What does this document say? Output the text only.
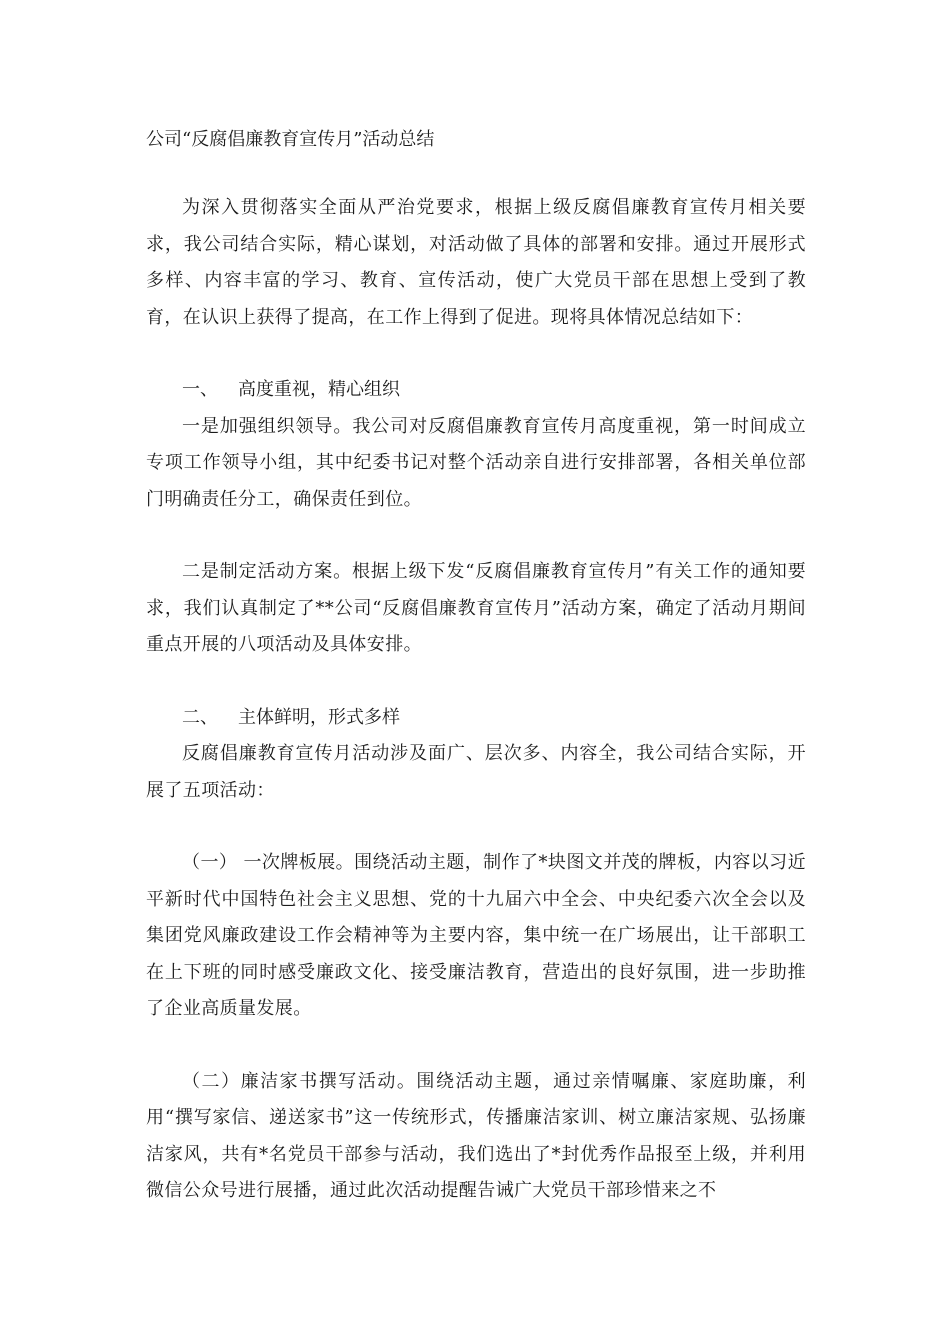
公司“反腐倡廉教育宣传月”活动总结

为深入贯彻落实全面从严治党要求，根据上级反腐倡廉教育宣传月相关要求，我公司结合实际，精心谋划，对活动做了具体的部署和安排。通过开展形式多样、内容丰富的学习、教育、宣传活动，使广大党员干部在思想上受到了教育，在认识上获得了提高，在工作上得到了促进。现将具体情况总结如下：

一、 高度重视，精心组织

一是加强组织领导。我公司对反腐倡廉教育宣传月高度重视，第一时间成立专项工作领导小组，其中纪委书记对整个活动亲自进行安排部署，各相关单位部门明确责任分工，确保责任到位。

二是制定活动方案。根据上级下发“反腐倡廉教育宣传月”有关工作的通知要求，我们认真制定了**公司“反腐倡廉教育宣传月”活动方案，确定了活动月期间重点开展的八项活动及具体安排。

二、 主体鲜明，形式多样

反腐倡廉教育宣传月活动涉及面广、层次多、内容全，我公司结合实际，开展了五项活动：

（一） 一次牌板展。围绕活动主题，制作了*块图文并茂的牌板，内容以习近平新时代中国特色社会主义思想、党的十九届六中全会、中央纪委六次全会以及集团党风廉政建设工作会精神等为主要内容，集中统一在广场展出，让干部职工在上下班的同时感受廉政文化、接受廉洁教育，营造出的良好氛围，进一步助推了企业高质量发展。

（二）廉洁家书撰写活动。围绕活动主题，通过亲情嘱廉、家庭助廉，利用“撰写家信、递送家书”这一传统形式，传播廉洁家训、树立廉洁家规、弘扬廉洁家风，共有*名党员干部参与活动，我们选出了*封优秀作品报至上级，并利用微信公众号进行展播，通过此次活动提醒告诫广大党员干部珍惜来之不
